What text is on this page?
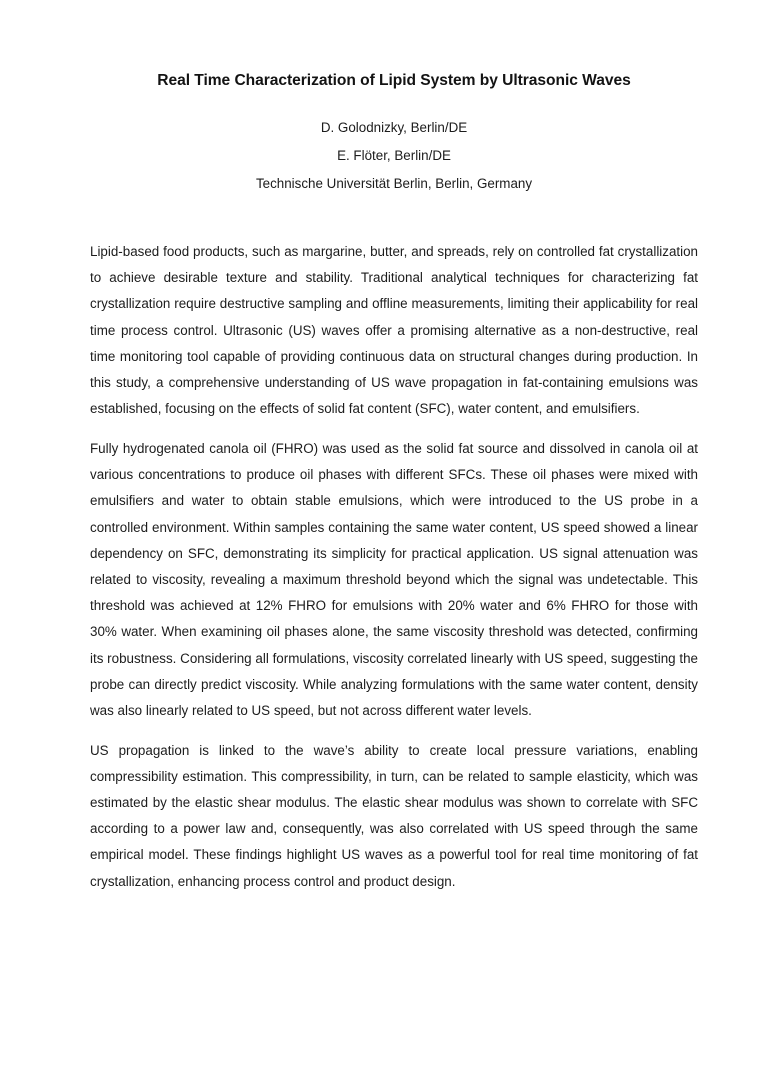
Real Time Characterization of Lipid System by Ultrasonic Waves
D. Golodnizky, Berlin/DE
E. Flöter, Berlin/DE
Technische Universität Berlin, Berlin, Germany

Lipid-based food products, such as margarine, butter, and spreads, rely on controlled fat crystallization to achieve desirable texture and stability. Traditional analytical techniques for characterizing fat crystallization require destructive sampling and offline measurements, limiting their applicability for real time process control. Ultrasonic (US) waves offer a promising alternative as a non-destructive, real time monitoring tool capable of providing continuous data on structural changes during production. In this study, a comprehensive understanding of US wave propagation in fat-containing emulsions was established, focusing on the effects of solid fat content (SFC), water content, and emulsifiers.

Fully hydrogenated canola oil (FHRO) was used as the solid fat source and dissolved in canola oil at various concentrations to produce oil phases with different SFCs. These oil phases were mixed with emulsifiers and water to obtain stable emulsions, which were introduced to the US probe in a controlled environment. Within samples containing the same water content, US speed showed a linear dependency on SFC, demonstrating its simplicity for practical application. US signal attenuation was related to viscosity, revealing a maximum threshold beyond which the signal was undetectable. This threshold was achieved at 12% FHRO for emulsions with 20% water and 6% FHRO for those with 30% water. When examining oil phases alone, the same viscosity threshold was detected, confirming its robustness. Considering all formulations, viscosity correlated linearly with US speed, suggesting the probe can directly predict viscosity. While analyzing formulations with the same water content, density was also linearly related to US speed, but not across different water levels.

US propagation is linked to the wave’s ability to create local pressure variations, enabling compressibility estimation. This compressibility, in turn, can be related to sample elasticity, which was estimated by the elastic shear modulus. The elastic shear modulus was shown to correlate with SFC according to a power law and, consequently, was also correlated with US speed through the same empirical model. These findings highlight US waves as a powerful tool for real time monitoring of fat crystallization, enhancing process control and product design.
